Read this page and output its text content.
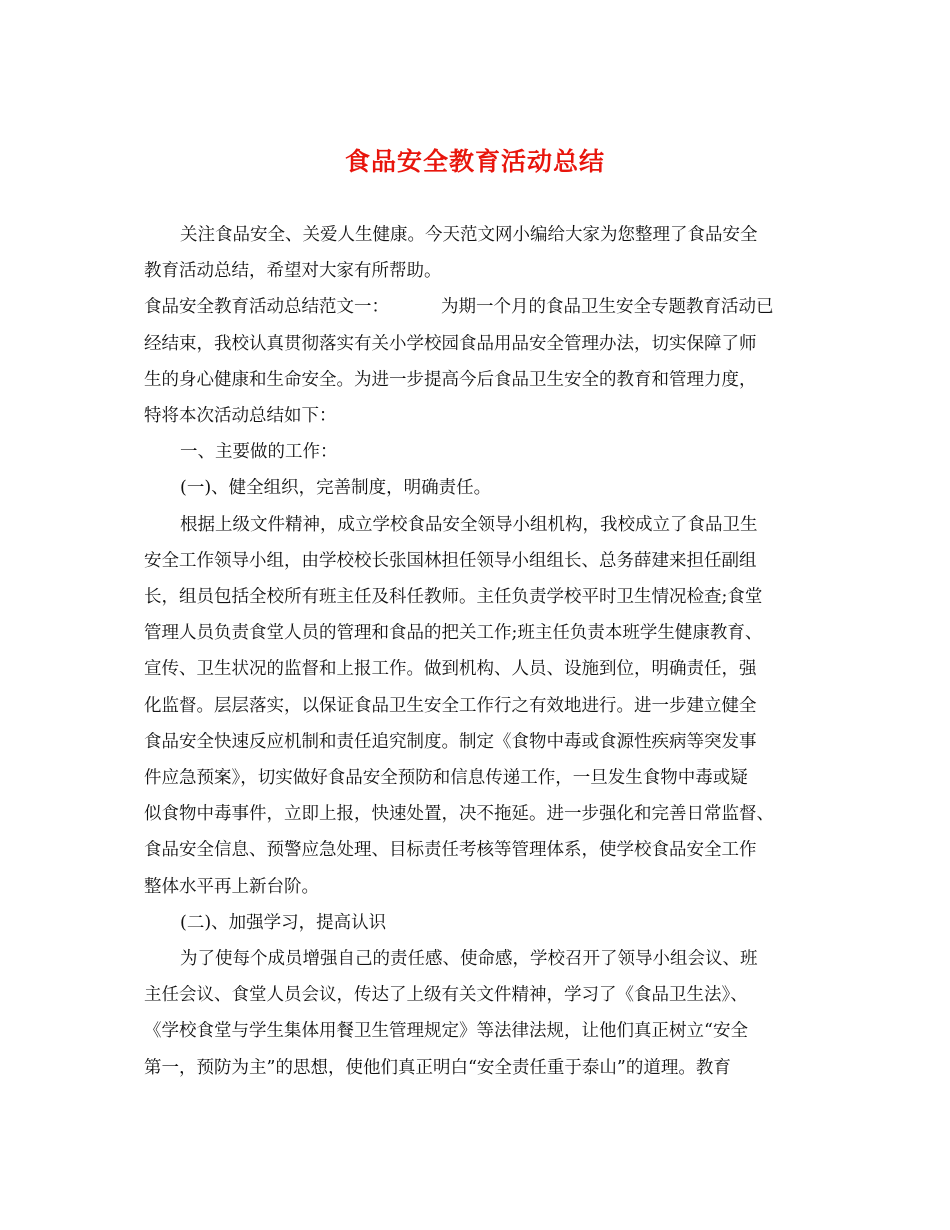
食品安全教育活动总结
关注食品安全、关爱人生健康。今天范文网小编给大家为您整理了食品安全
教育活动总结，希望对大家有所帮助。
食品安全教育活动总结范文一：	为期一个月的食品卫生安全专题教育活动已
经结束，我校认真贯彻落实有关小学校园食品用品安全管理办法，切实保障了师
生的身心健康和生命安全。为进一步提高今后食品卫生安全的教育和管理力度，
特将本次活动总结如下：
一、主要做的工作：
(一)、健全组织，完善制度，明确责任。
根据上级文件精神，成立学校食品安全领导小组机构，我校成立了食品卫生
安全工作领导小组，由学校校长张国林担任领导小组组长、总务薛建来担任副组
长，组员包括全校所有班主任及科任教师。主任负责学校平时卫生情况检查;食堂
管理人员负责食堂人员的管理和食品的把关工作;班主任负责本班学生健康教育、
宣传、卫生状况的监督和上报工作。做到机构、人员、设施到位，明确责任，强
化监督。层层落实，以保证食品卫生安全工作行之有效地进行。进一步建立健全
食品安全快速反应机制和责任追究制度。制定《食物中毒或食源性疾病等突发事
件应急预案》，切实做好食品安全预防和信息传递工作，一旦发生食物中毒或疑
似食物中毒事件，立即上报，快速处置，决不拖延。进一步强化和完善日常监督、
食品安全信息、预警应急处理、目标责任考核等管理体系，使学校食品安全工作
整体水平再上新台阶。
(二)、加强学习，提高认识
为了使每个成员增强自己的责任感、使命感，学校召开了领导小组会议、班
主任会议、食堂人员会议，传达了上级有关文件精神，学习了《食品卫生法》、
《学校食堂与学生集体用餐卫生管理规定》等法律法规，让他们真正树立“安全
第一，预防为主”的思想，使他们真正明白“安全责任重于泰山”的道理。教育
